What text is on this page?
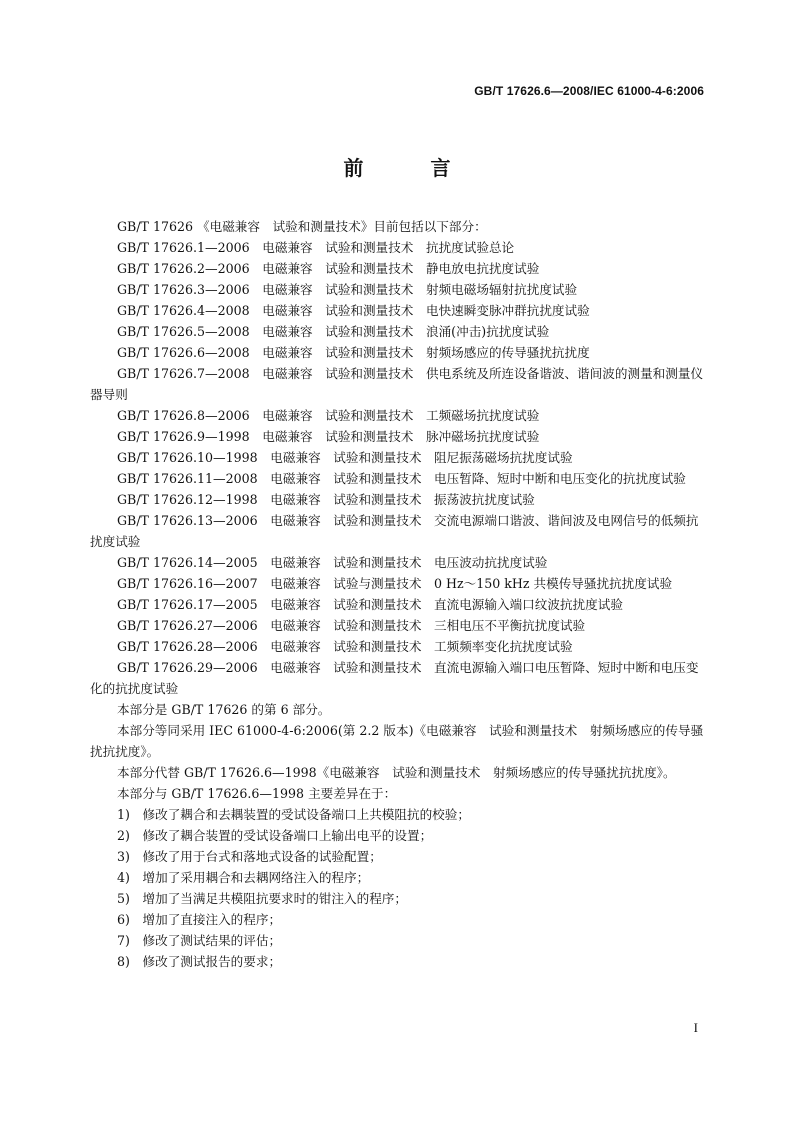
GB/T 17626.6—2008/IEC 61000-4-6:2006
前 言

GB/T 17626 《电磁兼容　试验和测量技术》目前包括以下部分：

GB/T 17626.1—2006　电磁兼容　试验和测量技术　抗扰度试验总论

GB/T 17626.2—2006　电磁兼容　试验和测量技术　静电放电抗扰度试验

GB/T 17626.3—2006　电磁兼容　试验和测量技术　射频电磁场辐射抗扰度试验

GB/T 17626.4—2008　电磁兼容　试验和测量技术　电快速瞬变脉冲群抗扰度试验

GB/T 17626.5—2008　电磁兼容　试验和测量技术　浪涌(冲击)抗扰度试验

GB/T 17626.6—2008　电磁兼容　试验和测量技术　射频场感应的传导骚扰抗扰度

GB/T 17626.7—2008　电磁兼容　试验和测量技术　供电系统及所连设备谐波、谐间波的测量和测量仪器导则

GB/T 17626.8—2006　电磁兼容　试验和测量技术　工频磁场抗扰度试验

GB/T 17626.9—1998　电磁兼容　试验和测量技术　脉冲磁场抗扰度试验

GB/T 17626.10—1998　电磁兼容　试验和测量技术　阻尼振荡磁场抗扰度试验

GB/T 17626.11—2008　电磁兼容　试验和测量技术　电压暂降、短时中断和电压变化的抗扰度试验

GB/T 17626.12—1998　电磁兼容　试验和测量技术　振荡波抗扰度试验

GB/T 17626.13—2006　电磁兼容　试验和测量技术　交流电源端口谐波、谐间波及电网信号的低频抗扰度试验

GB/T 17626.14—2005　电磁兼容　试验和测量技术　电压波动抗扰度试验

GB/T 17626.16—2007　电磁兼容　试验与测量技术　0 Hz～150 kHz 共模传导骚扰抗扰度试验

GB/T 17626.17—2005　电磁兼容　试验和测量技术　直流电源输入端口纹波抗扰度试验

GB/T 17626.27—2006　电磁兼容　试验和测量技术　三相电压不平衡抗扰度试验

GB/T 17626.28—2006　电磁兼容　试验和测量技术　工频频率变化抗扰度试验

GB/T 17626.29—2006　电磁兼容　试验和测量技术　直流电源输入端口电压暂降、短时中断和电压变化的抗扰度试验

本部分是 GB/T 17626 的第 6 部分。

本部分等同采用 IEC 61000-4-6:2006(第 2.2 版本)《电磁兼容　试验和测量技术　射频场感应的传导骚扰抗扰度》。

本部分代替 GB/T 17626.6—1998《电磁兼容　试验和测量技术　射频场感应的传导骚扰抗扰度》。

本部分与 GB/T 17626.6—1998 主要差异在于：

1)　修改了耦合和去耦装置的受试设备端口上共模阻抗的校验；

2)　修改了耦合装置的受试设备端口上输出电平的设置；

3)　修改了用于台式和落地式设备的试验配置；

4)　增加了采用耦合和去耦网络注入的程序；

5)　增加了当满足共模阻抗要求时的钳注入的程序；

6)　增加了直接注入的程序；

7)　修改了测试结果的评估；

8)　修改了测试报告的要求；

I
